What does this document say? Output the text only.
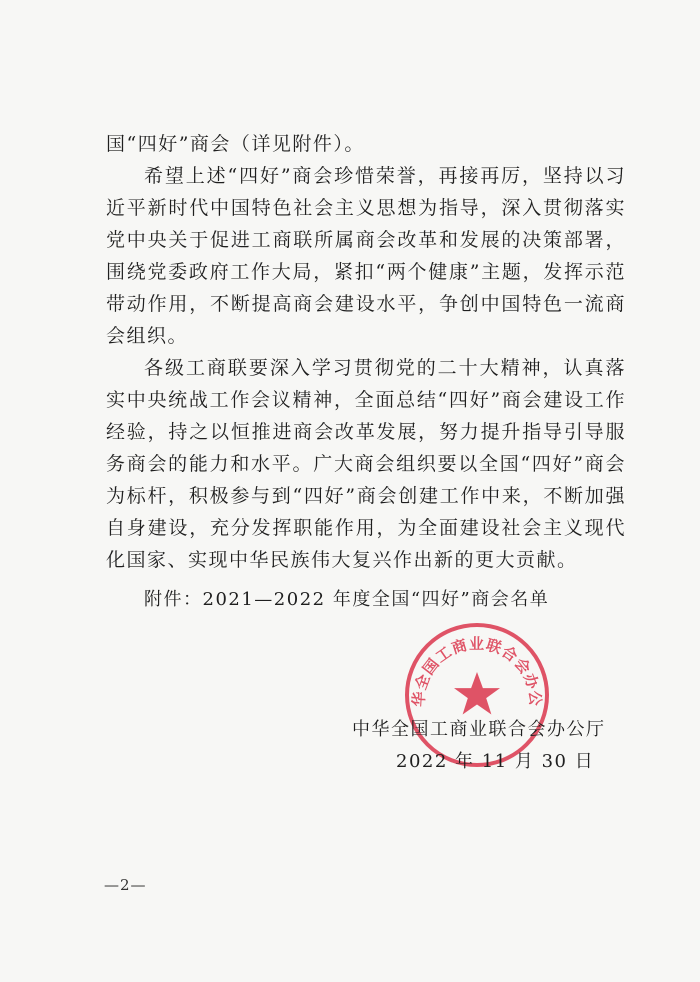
国“四好”商会（详见附件）。

希望上述“四好”商会珍惜荣誉，再接再厉，坚持以习近平新时代中国特色社会主义思想为指导，深入贯彻落实党中央关于促进工商联所属商会改革和发展的决策部署，围绕党委政府工作大局，紧扣“两个健康”主题，发挥示范带动作用，不断提高商会建设水平，争创中国特色一流商会组织。

各级工商联要深入学习贯彻党的二十大精神，认真落实中央统战工作会议精神，全面总结“四好”商会建设工作经验，持之以恒推进商会改革发展，努力提升指导引导服务商会的能力和水平。广大商会组织要以全国“四好”商会为标杆，积极参与到“四好”商会创建工作中来，不断加强自身建设，充分发挥职能作用，为全面建设社会主义现代化国家、实现中华民族伟大复兴作出新的更大贡献。

附件：2021—2022 年度全国“四好”商会名单
华全国工商业联合会办公
中华全国工商业联合会办公厅
2022 年 11 月 30 日
—2—
